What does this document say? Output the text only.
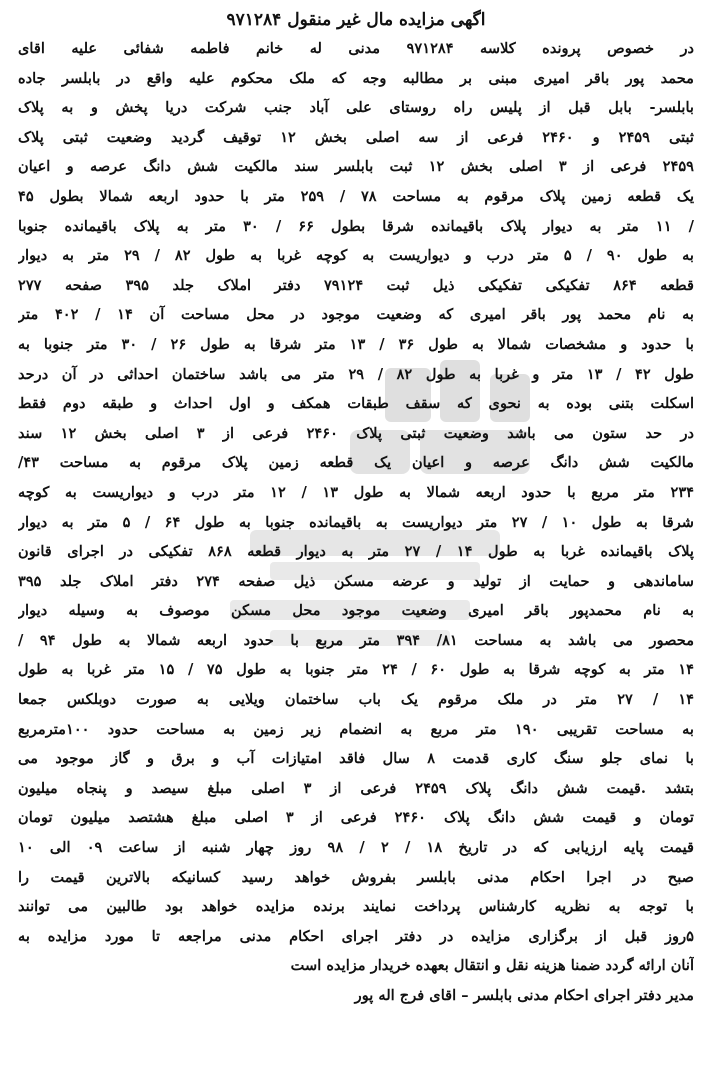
اگهی مزایده مال غیر منقول ۹۷۱۲۸۴
در خصوص پرونده کلاسه ۹۷۱۲۸۴ مدنی له خانم فاطمه شفائی علیه اقای
محمد پور باقر امیری مبنی بر مطالبه وجه که ملک محکوم علیه واقع در بابلسر جاده
بابلسر- بابل قبل از پلیس راه روستای علی آباد جنب شرکت دریا پخش و به پلاک
ثبتی ۲۴۵۹ و ۲۴۶۰ فرعی از سه اصلی بخش ۱۲ توقیف گردید وضعیت ثبتی پلاک
۲۴۵۹ فرعی از ۳ اصلی بخش ۱۲ ثبت بابلسر سند مالکیت شش دانگ عرصه و اعیان
یک قطعه زمین پلاک مرقوم به مساحت ۷۸ / ۲۵۹ متر با حدود اربعه شمالا بطول ۴۵
/ ۱۱ متر به دیوار پلاک باقیمانده شرقا بطول ۶۶ / ۳۰ متر به پلاک باقیمانده جنوبا
به طول ۹۰ / ۵ متر درب و دیواریست به کوچه غربا به طول ۸۲ / ۲۹ متر به دیوار
قطعه ۸۶۴ تفکیکی تفکیکی ذیل ثبت ۷۹۱۲۴ دفتر املاک جلد ۳۹۵ صفحه ۲۷۷
به نام محمد پور باقر امیری که وضعیت موجود در محل مساحت آن ۱۴ / ۴۰۲ متر
با حدود و مشخصات شمالا به طول ۳۶ / ۱۳ متر شرقا به طول ۲۶ / ۳۰ متر جنوبا به
طول ۴۲ / ۱۳ متر و غربا به طول ۸۲ / ۲۹ متر می باشد ساختمان احداثی در آن درحد
اسکلت بتنی بوده به نحوی که سقف طبقات همکف و اول احداث و طبقه دوم فقط
در حد ستون می باشد وضعیت ثبتی پلاک ۲۴۶۰ فرعی از ۳ اصلی بخش ۱۲ سند
مالکیت شش دانگ عرصه و اعیان یک قطعه زمین پلاک مرقوم به مساحت ۴۳/
۲۳۴ متر مربع با حدود اربعه شمالا به طول ۱۳ / ۱۲ متر درب و دیواریست به کوچه
شرقا به طول ۱۰ / ۲۷ متر دیواریست به باقیمانده جنوبا به طول ۶۴ / ۵ متر به دیوار
پلاک باقیمانده غربا به طول ۱۴ / ۲۷ متر به دیوار قطعه ۸۶۸ تفکیکی در اجرای قانون
ساماندهی و حمایت از تولید و عرضه مسکن ذیل صفحه ۲۷۴ دفتر املاک جلد ۳۹۵
به نام محمدپور باقر امیری وضعیت موجود محل مسکن موصوف به وسیله دیوار
محصور می باشد به مساحت ۸۱/ ۳۹۴ متر مربع با حدود اربعه شمالا به طول ۹۴ /
۱۴ متر به کوچه شرقا به طول ۶۰ / ۲۴ متر جنوبا به طول ۷۵ / ۱۵ متر غربا به طول
۱۴ / ۲۷ متر در ملک مرقوم یک باب ساختمان ویلایی به صورت دوبلکس جمعا
به مساحت تقریبی ۱۹۰ متر مربع به انضمام زیر زمین به مساحت حدود ۱۰۰مترمربع
با نمای جلو سنگ کاری قدمت ۸ سال فاقد امتیازات آب و برق و گاز موجود می
بتشد .قیمت شش دانگ پلاک ۲۴۵۹ فرعی از ۳ اصلی مبلغ سیصد و پنجاه میلیون
تومان و قیمت شش دانگ پلاک ۲۴۶۰ فرعی از ۳ اصلی مبلغ هشتصد میلیون تومان
قیمت پایه ارزیابی که در تاریخ ۱۸ / ۲ / ۹۸ روز چهار شنبه از ساعت ۰۹ الی ۱۰
صبح در اجرا احکام مدنی بابلسر بفروش خواهد رسید کسانیکه بالاترین قیمت را
با توجه به نظریه کارشناس پرداخت نمایند برنده مزایده خواهد بود طالبین می توانند
۵روز قبل از برگزاری مزایده در دفتر اجرای احکام مدنی مراجعه تا مورد مزایده به
آنان ارائه گردد ضمنا هزینه نقل و انتقال بعهده خریدار مزایده است
مدیر دفتر اجرای احکام مدنی بابلسر – اقای فرج اله پور
